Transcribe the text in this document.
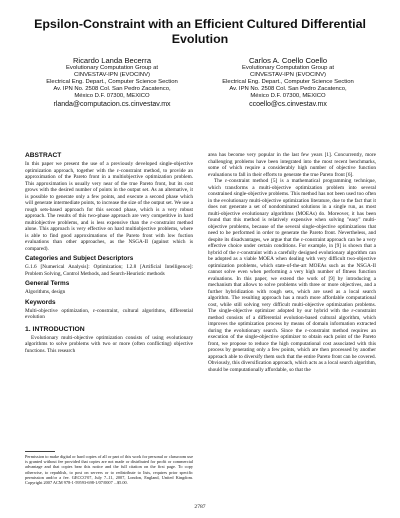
Epsilon-Constraint with an Efficient Cultured Differential Evolution
Ricardo Landa Becerra
Evolutionary Computation Group at
CINVESTAV-IPN (EVOCINV)
Electrical Eng. Depart., Computer Science Section
Av. IPN No. 2508 Col. San Pedro Zacatenco,
México D.F. 07300, MEXICO
rlanda@computacion.cs.cinvestav.mx
Carlos A. Coello Coello
Evolutionary Computation Group at
CINVESTAV-IPN (EVOCINV)
Electrical Eng. Depart., Computer Science Section
Av. IPN No. 2508 Col. San Pedro Zacatenco,
México D.F. 07300, MEXICO
ccoello@cs.cinvestav.mx
ABSTRACT

In this paper we present the use of a previously developed single-objective optimization approach, together with the ε-constraint method, to provide an approximation of the Pareto front in a multiobjective optimization problem. This approximation is usually very near of the true Pareto front, but its cost grows with the desired number of points in the output set. As an alternative, it is possible to generate only a few points, and execute a second phase which will generate intermediate points, to increase the size of the output set. We use a rough sets-based approach for this second phase, which is a very robust approach. The results of this two-phase approach are very competitive in hard multiobjective problems, and is less expensive than the ε-constraint method alone. This approach is very effective on hard multiobjective problems, where is able to find good approximations of the Pareto front with low fuction evaluations than other approaches, as the NSGA-II (against which is compared).

Categories and Subject Descriptors

G.1.6 [Numerical Analysis]: Optimization; I.2.8 [Artificial Intelligence]: Problem Solving, Control Methods, and Search-Heuristic methods

General Terms

Algorithms, design

Keywords

Multi-objective optimization, ε-constraint, cultural algorithms, differential evolution

1. INTRODUCTION

Evolutionary multi-objective optimization consists of using evolutionary algorithms to solve problems with two or more (often conflicting) objective functions. This research

Permission to make digital or hard copies of all or part of this work for personal or classroom use is granted without fee provided that copies are not made or distributed for profit or commercial advantage and that copies bear this notice and the full citation on the first page. To copy otherwise, to republish, to post on servers or to redistribute to lists, requires prior specific permission and/or a fee. GECCO'07, July 7–11, 2007, London, England, United Kingdom. Copyright 2007 ACM 978-1-59593-698-1/07/0007 ...$5.00.

area has become very popular in the last few years [1]. Concurrently, more challenging problems have been integrated into the most recent benchmarks, some of which require a considerably high number of objective function evaluations to fall in their efforts to generate the true Pareto front [6].

The ε-constraint method [5] is a mathematical programming technique, which transforms a multi-objective optimization problem into several constrained single-objective problems. This method has not been used too often in the evolutionary multi-objective optimization literature, due to the fact that it does not generate a set of nondominated solutions in a single run, as most multi-objective evolutionary algorithms (MOEAs) do. Moreover, it has been found that this method is relatively expensive when solving "easy" multi-objective problems, because of the several single-objective optimizations that need to be performed in order to generate the Pareto front. Nevertheless, and despite its disadvantages, we argue that the ε-constraint approach can be a very effective choice under certain conditions. For example, in [9] is shown that a hybrid of the ε-constraint with a carefully designed evolutionary algorithm can be adopted as a viable MOEA when dealing with very difficult two-objective optimization problems, which state-of-the-art MOEAs such as the NSGA-II cannot solve even when performing a very high number of fitness function evaluations. In this paper, we extend the work of [9] by introducing a mechanism that allows to solve problems with three or more objectives, and a further hybridization with rough sets, which are used as a local search algorithm. The resulting approach has a much more affordable computational cost, while still solving very difficult multi-objective optimization problems. The single-objective optimizer adopted by our hybrid with the ε-constraint method consists of a differential evolution-based cultural algorithm, which improves the optimization process by means of domain information extracted during the evolutionary search. Since the ε-constraint method requires an execution of the single-objective optimizer to obtain each point of the Pareto front, we propose to reduce the high computational cost associated with this process by generating only a few points, which are then processed by another approach able to diversify them such that the entire Pareto front can be covered. Obviously, this diversification approach, which acts as a local search algorithm, should be computationally affordable, so that the

2787
